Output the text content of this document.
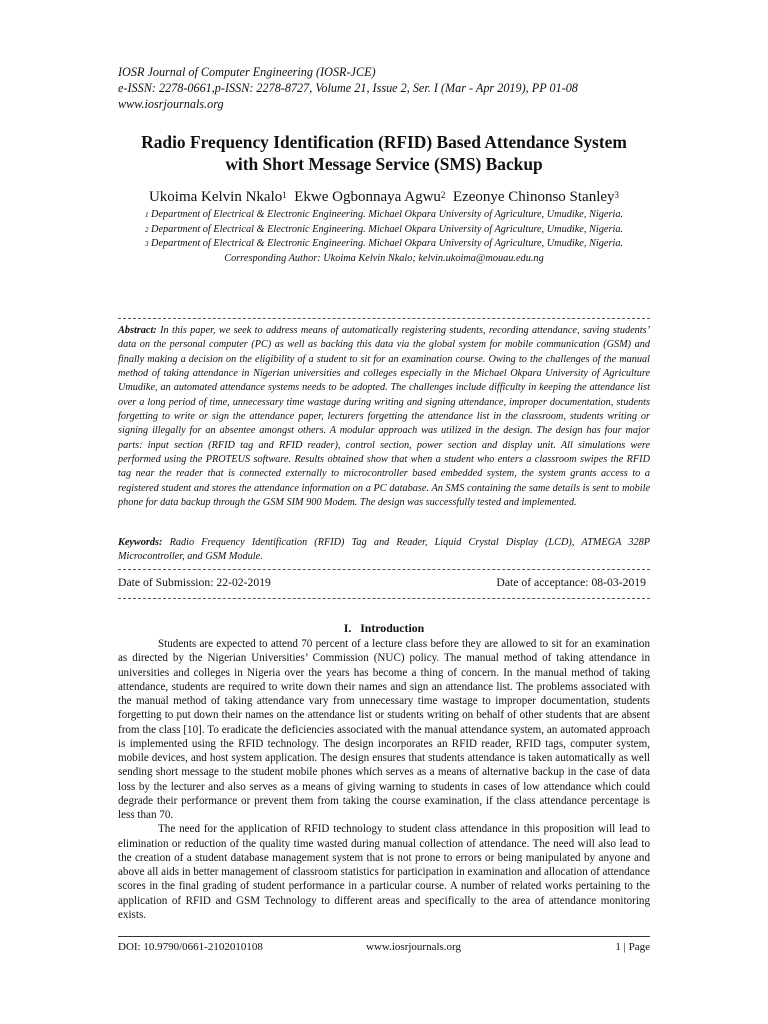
IOSR Journal of Computer Engineering (IOSR-JCE)
e-ISSN: 2278-0661,p-ISSN: 2278-8727, Volume 21, Issue 2, Ser. I (Mar - Apr 2019), PP 01-08
www.iosrjournals.org
Radio Frequency Identification (RFID) Based Attendance System
with Short Message Service (SMS) Backup
Ukoima Kelvin Nkalo$^1$ Ekwe Ogbonnaya Agwu$^2$ Ezeonye Chinonso Stanley$^3$
$^1$ Department of Electrical & Electronic Engineering. Michael Okpara University of Agriculture, Umudike, Nigeria.
$^2$ Department of Electrical & Electronic Engineering. Michael Okpara University of Agriculture, Umudike, Nigeria.
$^3$ Department of Electrical & Electronic Engineering. Michael Okpara University of Agriculture, Umudike, Nigeria.
Corresponding Author: Ukoima Kelvin Nkalo; kelvin.ukoima@mouau.edu.ng
Abstract: In this paper, we seek to address means of automatically registering students, recording attendance, saving students’ data on the personal computer (PC) as well as backing this data via the global system for mobile communication (GSM) and finally making a decision on the eligibility of a student to sit for an examination course. Owing to the challenges of the manual method of taking attendance in Nigerian universities and colleges especially in the Michael Okpara University of Agriculture Umudike, an automated attendance systems needs to be adopted. The challenges include difficulty in keeping the attendance list over a long period of time, unnecessary time wastage during writing and signing attendance, improper documentation, students forgetting to write or sign the attendance paper, lecturers forgetting the attendance list in the classroom, students writing or signing illegally for an absentee amongst others. A modular approach was utilized in the design. The design has four major parts: input section (RFID tag and RFID reader), control section, power section and display unit. All simulations were performed using the PROTEUS software. Results obtained show that when a student who enters a classroom swipes the RFID tag near the reader that is connected externally to microcontroller based embedded system, the system grants access to a registered student and stores the attendance information on a PC database. An SMS containing the same details is sent to mobile phone for data backup through the GSM SIM 900 Modem. The design was successfully tested and implemented.
Keywords: Radio Frequency Identification (RFID) Tag and Reader, Liquid Crystal Display (LCD), ATMEGA 328P Microcontroller, and GSM Module.
Date of Submission: 22-02-2019	Date of acceptance: 08-03-2019
I. Introduction

Students are expected to attend 70 percent of a lecture class before they are allowed to sit for an examination as directed by the Nigerian Universities’ Commission (NUC) policy. The manual method of taking attendance in universities and colleges in Nigeria over the years has become a thing of concern. In the manual method of taking attendance, students are required to write down their names and sign an attendance list. The problems associated with the manual method of taking attendance vary from unnecessary time wastage to improper documentation, students forgetting to put down their names on the attendance list or students writing on behalf of other students that are absent from the class [10]. To eradicate the deficiencies associated with the manual attendance system, an automated approach is implemented using the RFID technology. The design incorporates an RFID reader, RFID tags, computer system, mobile devices, and host system application. The design ensures that students attendance is taken automatically as well sending short message to the student mobile phones which serves as a means of alternative backup in the case of data loss by the lecturer and also serves as a means of giving warning to students in cases of low attendance which could degrade their performance or prevent them from taking the course examination, if the class attendance percentage is less than 70.

The need for the application of RFID technology to student class attendance in this proposition will lead to elimination or reduction of the quality time wasted during manual collection of attendance. The need will also lead to the creation of a student database management system that is not prone to errors or being manipulated by anyone and above all aids in better management of classroom statistics for participation in examination and allocation of attendance scores in the final grading of student performance in a particular course. A number of related works pertaining to the application of RFID and GSM Technology to different areas and specifically to the area of attendance monitoring exists.

DOI: 10.9790/0661-2102010108	www.iosrjournals.org	1 | Page
